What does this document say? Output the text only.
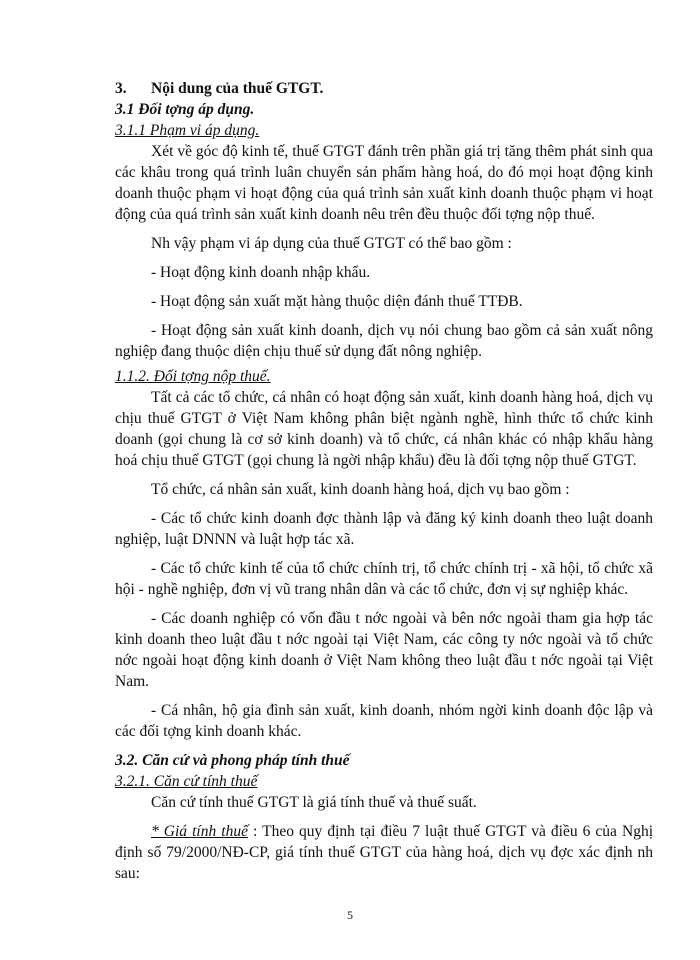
3.	Nội dung của thuế GTGT.

3.1 Đối tợng áp dụng.

3.1.1 Phạm vi áp dụng.

Xét về góc độ kinh tế, thuế GTGT đánh trên phần giá trị tăng thêm phát sinh qua các khâu trong quá trình luân chuyển sản phẩm hàng hoá, do đó mọi hoạt động kinh doanh thuộc phạm vi hoạt động của quá trình sản xuất kinh doanh thuộc phạm vi hoạt động của quá trình sản xuất kinh doanh nêu trên đều thuộc đối tợng nộp thuế.

Nh vậy phạm vi áp dụng của thuế GTGT có thể bao gồm :

- Hoạt động kinh doanh nhập khẩu.

- Hoạt động sản xuất mặt hàng thuộc diện đánh thuế TTĐB.

- Hoạt động sản xuất kinh doanh, dịch vụ nói chung bao gồm cả sản xuất nông nghiệp đang thuộc diện chịu thuế sử dụng đất nông nghiệp.

1.1.2. Đối tợng nộp thuế.

Tất cả các tổ chức, cá nhân có hoạt động sản xuất, kinh doanh hàng hoá, dịch vụ chịu thuế GTGT ở Việt Nam không phân biệt ngành nghề, hình thức tổ chức kinh doanh (gọi chung là cơ sở kinh doanh) và tổ chức, cá nhân khác có nhập khẩu hàng hoá chịu thuế GTGT (gọi chung là ngời nhập khẩu) đều là đối tợng nộp thuế GTGT.

Tổ chức, cá nhân sản xuất, kinh doanh hàng hoá, dịch vụ bao gồm :

- Các tổ chức kinh doanh đợc thành lập và đăng ký kinh doanh theo luật doanh nghiệp, luật DNNN và luật hợp tác xã.

- Các tổ chức kinh tế của tổ chức chính trị, tổ chức chính trị - xã hội, tổ chức xã hội - nghề nghiệp, đơn vị vũ trang nhân dân và các tổ chức, đơn vị sự nghiệp khác.

- Các doanh nghiệp có vốn đầu t nớc ngoài và bên nớc ngoài tham gia hợp tác kinh doanh theo luật đầu t nớc ngoài tại Việt Nam, các công ty nớc ngoài và tổ chức nớc ngoài hoạt động kinh doanh ở Việt Nam không theo luật đầu t nớc ngoài tại Việt Nam.

- Cá nhân, hộ gia đình sản xuất, kinh doanh, nhóm ngời kinh doanh độc lập và các đối tợng kinh doanh khác.

3.2. Căn cứ và phong pháp tính thuế

3.2.1. Căn cứ tính thuế

Căn cứ tính thuế GTGT là giá tính thuế và thuế suất.

* Giá tính thuế : Theo quy định tại điều 7 luật thuế GTGT và điều 6 của Nghị định số 79/2000/NĐ-CP, giá tính thuế GTGT của hàng hoá, dịch vụ đợc xác định nh sau:

5
